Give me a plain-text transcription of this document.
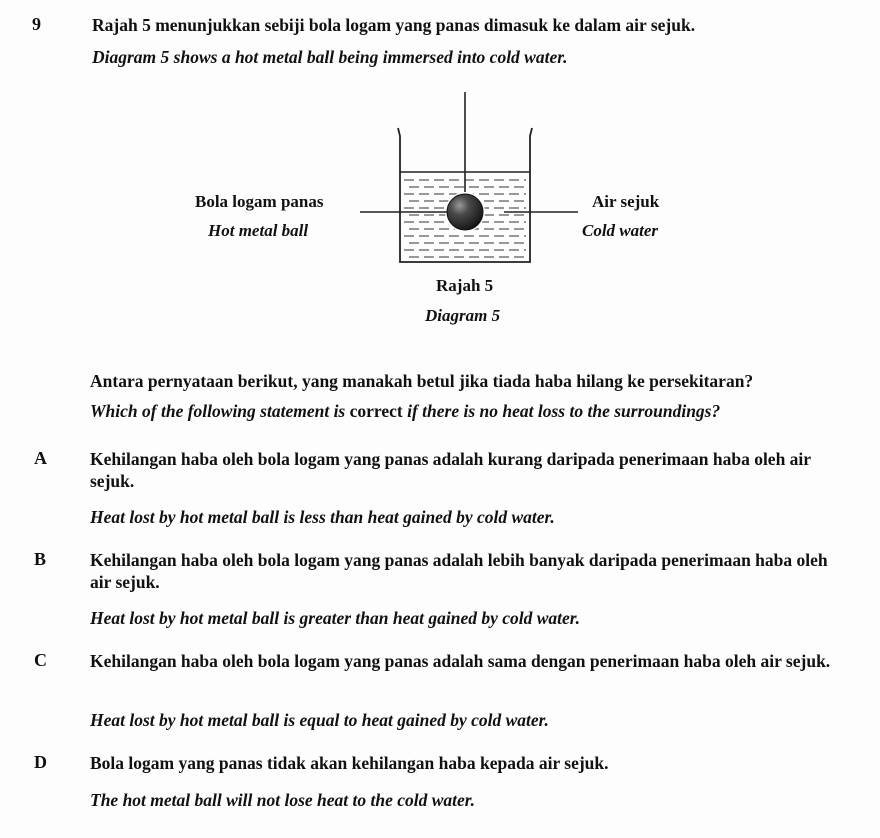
9	Rajah 5 menunjukkan sebiji bola logam yang panas dimasuk ke dalam air sejuk.
Diagram 5 shows a hot metal ball being immersed into cold water.
Bola logam panas
Hot metal ball
Air sejuk
Cold water
Rajah 5
Diagram 5
Antara pernyataan berikut, yang manakah betul jika tiada haba hilang ke persekitaran?
Which of the following statement is correct if there is no heat loss to the surroundings?
A Kehilangan haba oleh bola logam yang panas adalah kurang daripada penerimaan haba oleh air sejuk.
Heat lost by hot metal ball is less than heat gained by cold water.
B	Kehilangan haba oleh bola logam yang panas adalah lebih banyak daripada penerimaan haba oleh air sejuk.
Heat lost by hot metal ball is greater than heat gained by cold water.
C Kehilangan haba oleh bola logam yang panas adalah sama dengan penerimaan haba oleh air sejuk.
Heat lost by hot metal ball is equal to heat gained by cold water.
D Bola logam yang panas tidak akan kehilangan haba kepada air sejuk.
The hot metal ball will not lose heat to the cold water.
